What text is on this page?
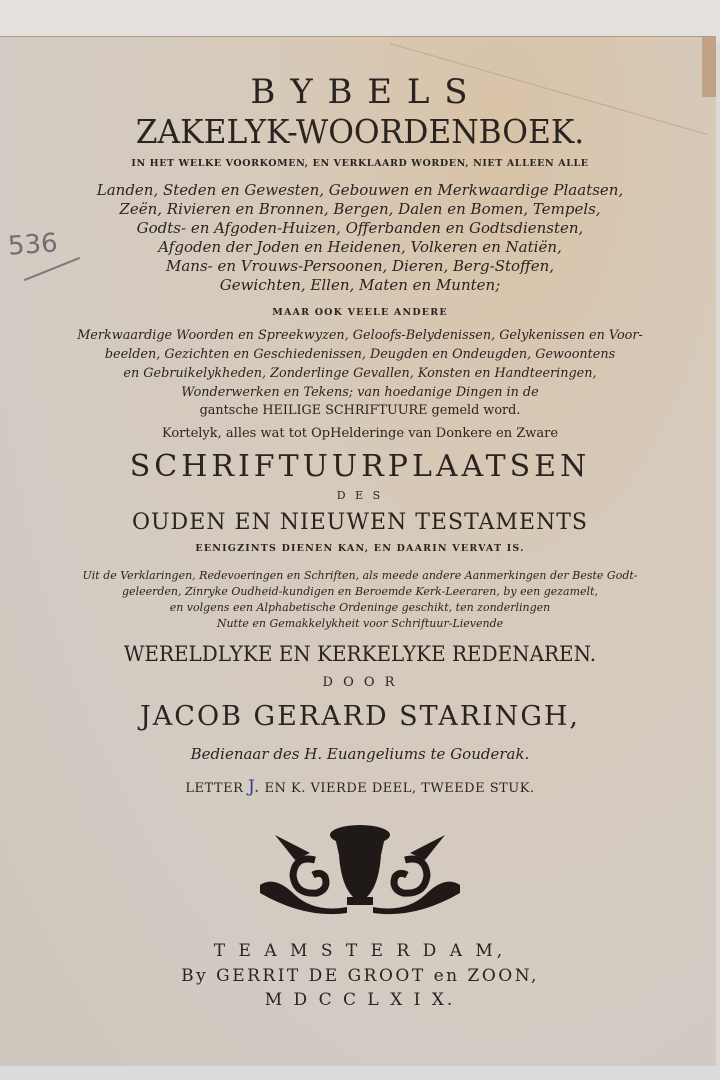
536
B Y B E L S
ZAKELYK-WOORDENBOEK.
IN HET WELKE VOORKOMEN, EN VERKLAARD WORDEN, NIET ALLEEN ALLE
Landen, Steden en Gewesten, Gebouwen en Merkwaardige Plaatsen,
Zeën, Rivieren en Bronnen, Bergen, Dalen en Bomen, Tempels,
Godts- en Afgoden-Huizen, Offerbanden en Godtsdiensten,
Afgoden der Joden en Heidenen, Volkeren en Natiën,
Mans- en Vrouws-Persoonen, Dieren, Berg-Stoffen,
Gewichten, Ellen, Maten en Munten;
MAAR OOK VEELE ANDERE
Merkwaardige Woorden en Spreekwyzen, Geloofs-Belydenissen, Gelykenissen en Voor-
beelden, Gezichten en Geschiedenissen, Deugden en Ondeugden, Gewoontens
en Gebruikelykheden, Zonderlinge Gevallen, Konsten en Handteeringen,
Wonderwerken en Tekens; van hoedanige Dingen in de
gantsche HEILIGE SCHRIFTUURE gemeld word.
Kortelyk, alles wat tot OpHelderinge van Donkere en Zware
SCHRIFTUURPLAATSEN
D E S
OUDEN EN NIEUWEN TESTAMENTS
EENIGZINTS DIENEN KAN, EN DAARIN VERVAT IS.
Uit de Verklaringen, Redevoeringen en Schriften, als meede andere Aanmerkingen der Beste Godt-
geleerden, Zinryke Oudheid-kundigen en Beroemde Kerk-Leeraren, by een gezamelt,
en volgens een Alphabetische Ordeninge geschikt, ten zonderlingen
Nutte en Gemakkelykheit voor Schriftuur-Lievende
WERELDLYKE EN KERKELYKE REDENAREN.
D O O R
JACOB GERARD STARINGH,
Bedienaar des H. Euangeliums te Gouderak.
LETTER J. EN K. VIERDE DEEL, TWEEDE STUK.
T E A M S T E R D A M,
By GERRIT DE GROOT en ZOON,
M D C C L X I X.
